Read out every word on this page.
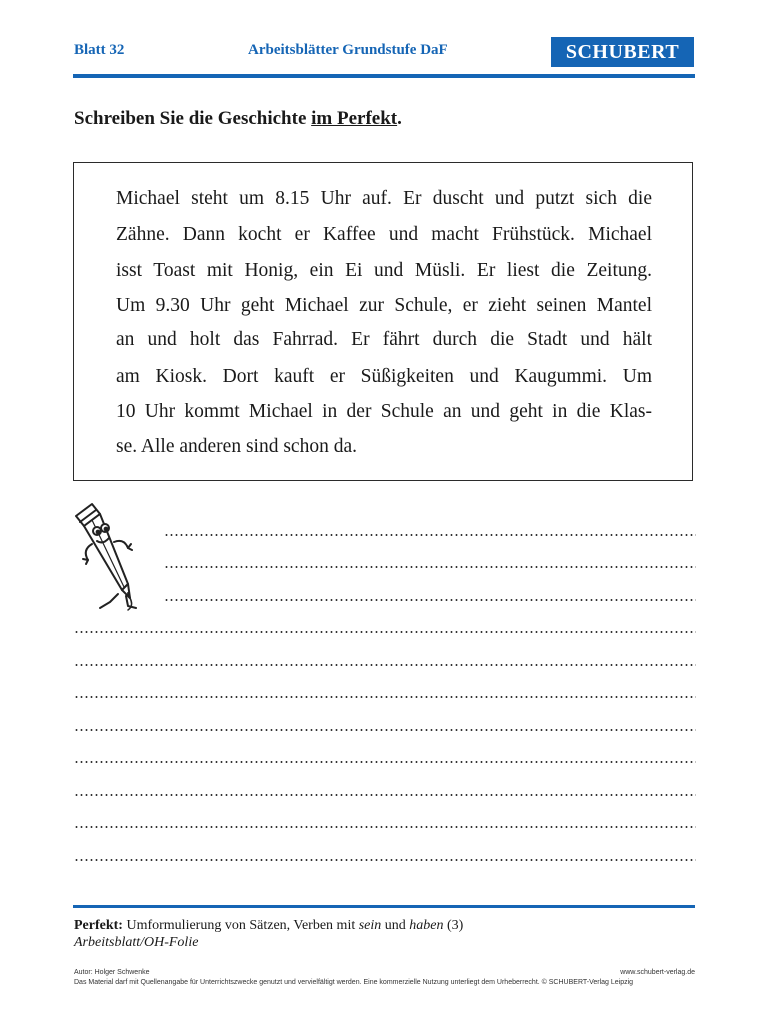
Blatt 32	Arbeitsblätter Grundstufe DaF	SCHUBERT
Schreiben Sie die Geschichte im Perfekt.
Michael steht um 8.15 Uhr auf. Er duscht und putzt sich die
Zähne. Dann kocht er Kaffee und macht Frühstück. Michael
isst Toast mit Honig, ein Ei und Müsli. Er liest die Zeitung.
Um 9.30 Uhr geht Michael zur Schule, er zieht seinen Mantel
an und holt das Fahrrad. Er fährt durch die Stadt und hält
am Kiosk. Dort kauft er Süßigkeiten und Kaugummi. Um
10 Uhr kommt Michael in der Schule an und geht in die Klas-
se. Alle anderen sind schon da.
Perfekt: Umformulierung von Sätzen, Verben mit sein und haben (3)
Arbeitsblatt/OH-Folie
Autor: Holger Schwenke	www.schubert-verlag.de
Das Material darf mit Quellenangabe für Unterrichtszwecke genutzt und vervielfältigt werden. Eine kommerzielle Nutzung unterliegt dem Urheberrecht. © SCHUBERT-Verlag Leipzig
